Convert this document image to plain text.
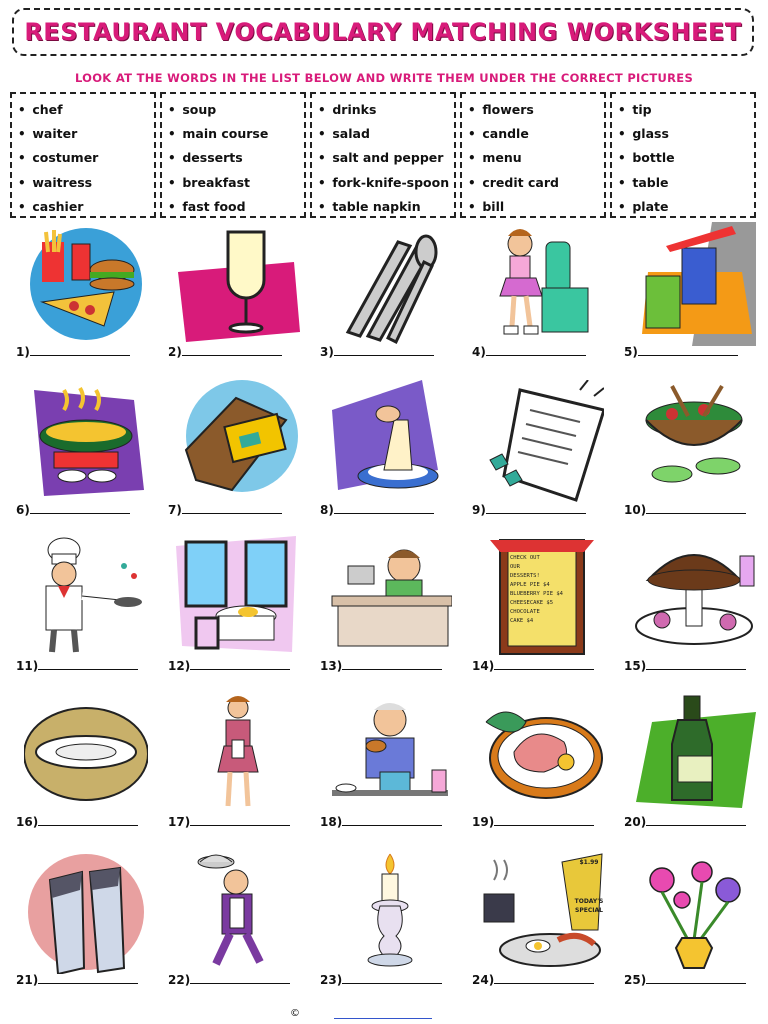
RESTAURANT VOCABULARY MATCHING WORKSHEET
LOOK AT THE WORDS IN THE LIST BELOW AND WRITE THEM UNDER THE CORRECT PICTURES
• chef
• waiter
• costumer
• waitress
• cashier
• soup
• main course
• desserts
• breakfast
• fast food
• drinks
• salad
• salt and pepper
• fork-knife-spoon
• table napkin
• flowers
• candle
• menu
• credit card
• bill
• tip
• glass
• bottle
• table
• plate
1)	2)	3)	4)	5)
6)	7)	8)	9)	10)
11)	12)	13)
CHECK OUT
OUR
DESSERTS!
APPLE PIE $4
BLUEBERRY PIE $4
CHEESECAKE $5
CHOCOLATE
CAKE $4
14)	15)
16)	17)	18)	19)	20)
21)	22)	23)
$1.99
TODAY'S SPECIAL
24)	25)
©
